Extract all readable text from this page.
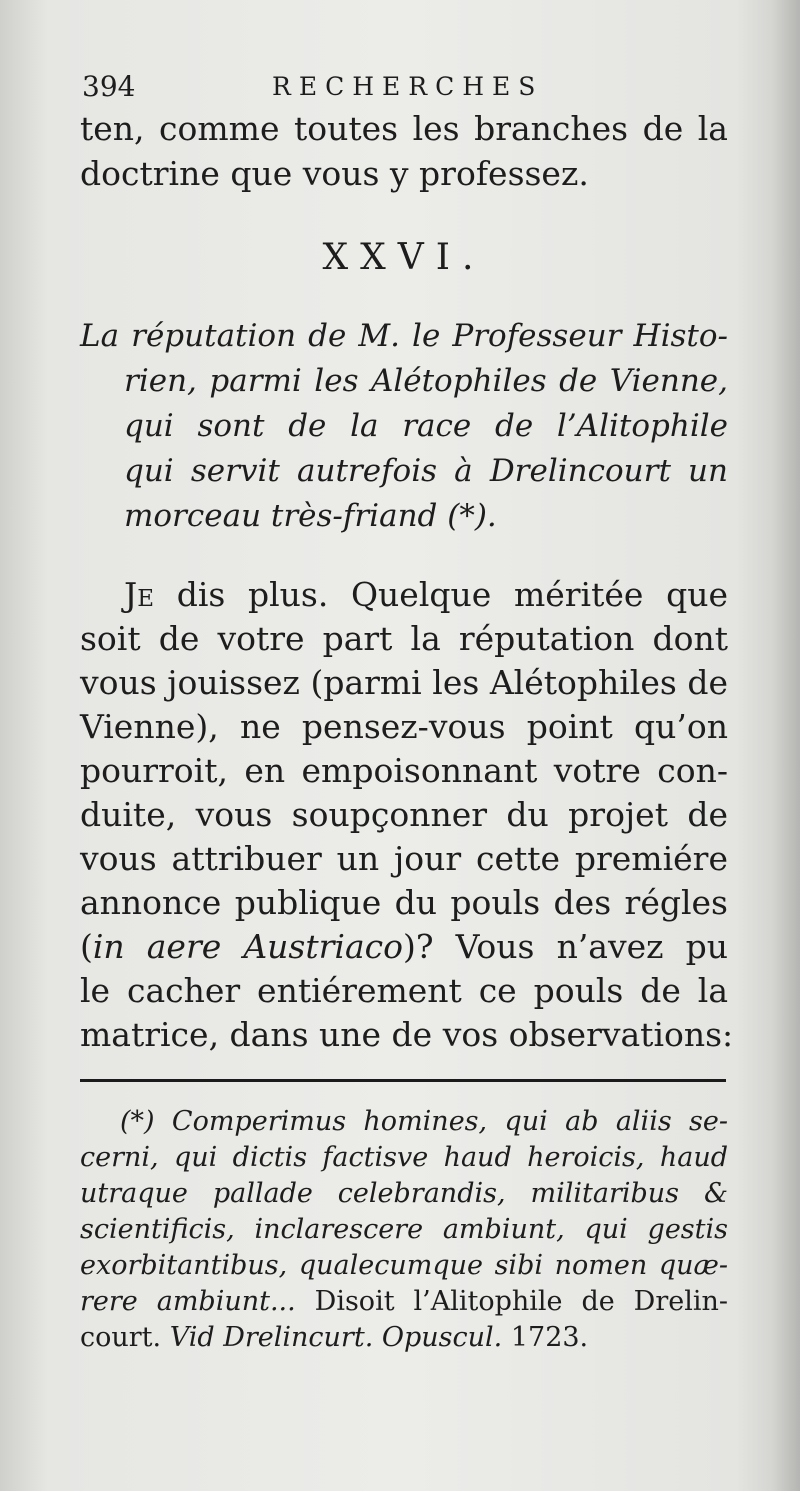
394	RECHERCHES
ten, comme toutes les branches de la
doctrine que vous y professez.
XXVI.
La réputation de M. le Professeur Histo-
rien, parmi les Alétophiles de Vienne,
qui sont de la race de l’Alitophile
qui servit autrefois à Drelincourt un
morceau très-friand (*).
Je dis plus. Quelque méritée que
soit de votre part la réputation dont
vous jouissez (parmi les Alétophiles de
Vienne), ne pensez-vous point qu’on
pourroit, en empoisonnant votre con-
duite, vous soupçonner du projet de
vous attribuer un jour cette premiére
annonce publique du pouls des régles
(in aere Austriaco)? Vous n’avez pu
le cacher entiérement ce pouls de la
matrice, dans une de vos observations:
(*) Comperimus homines, qui ab aliis se-
cerni, qui dictis factisve haud heroicis, haud
utraque pallade celebrandis, militaribus &
scientificis, inclarescere ambiunt, qui gestis
exorbitantibus, qualecumque sibi nomen quæ-
rere ambiunt... Disoit l’Alitophile de Drelin-
court. Vid Drelincurt. Opuscul. 1723.
